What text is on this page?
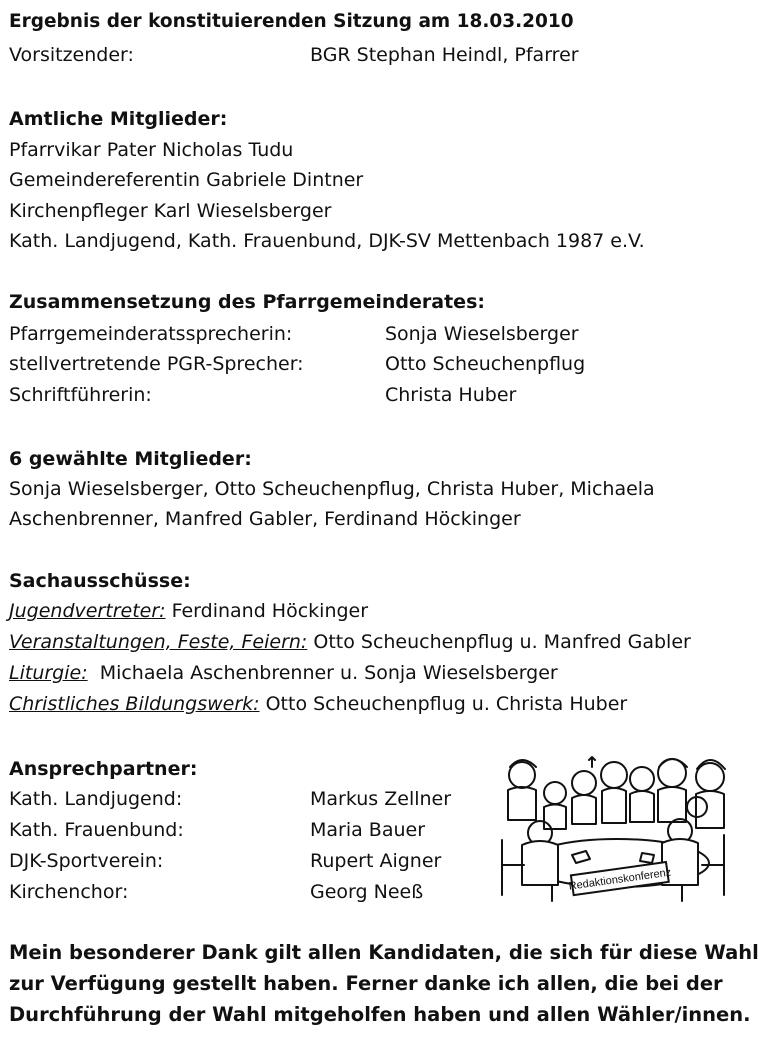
Ergebnis der konstituierenden Sitzung am 18.03.2010
Vorsitzender:	BGR Stephan Heindl, Pfarrer
Amtliche Mitglieder:
Pfarrvikar Pater Nicholas Tudu
Gemeindereferentin Gabriele Dintner
Kirchenpfleger Karl Wieselsberger
Kath. Landjugend, Kath. Frauenbund, DJK-SV Mettenbach 1987 e.V.
Zusammensetzung des Pfarrgemeinderates:
Pfarrgemeinderatssprecherin:	Sonja Wieselsberger
stellvertretende PGR-Sprecher:	Otto Scheuchenpflug
Schriftführerin:	Christa Huber
6 gewählte Mitglieder:
Sonja Wieselsberger, Otto Scheuchenpflug, Christa Huber, Michaela
Aschenbrenner, Manfred Gabler, Ferdinand Höckinger
Sachausschüsse:
Jugendvertreter: Ferdinand Höckinger
Veranstaltungen, Feste, Feiern: Otto Scheuchenpflug u. Manfred Gabler
Liturgie:  Michaela Aschenbrenner u. Sonja Wieselsberger
Christliches Bildungswerk: Otto Scheuchenpflug u. Christa Huber
Ansprechpartner:
Kath. Landjugend:	Markus Zellner
Kath. Frauenbund:	Maria Bauer
DJK-Sportverein:	Rupert Aigner
Kirchenchor:	Georg Neeß	Redaktionskonferenz
Mein besonderer Dank gilt allen Kandidaten, die sich für diese Wahl zur Verfügung gestellt haben. Ferner danke ich allen, die bei der Durchführung der Wahl mitgeholfen haben und allen Wähler/innen.
